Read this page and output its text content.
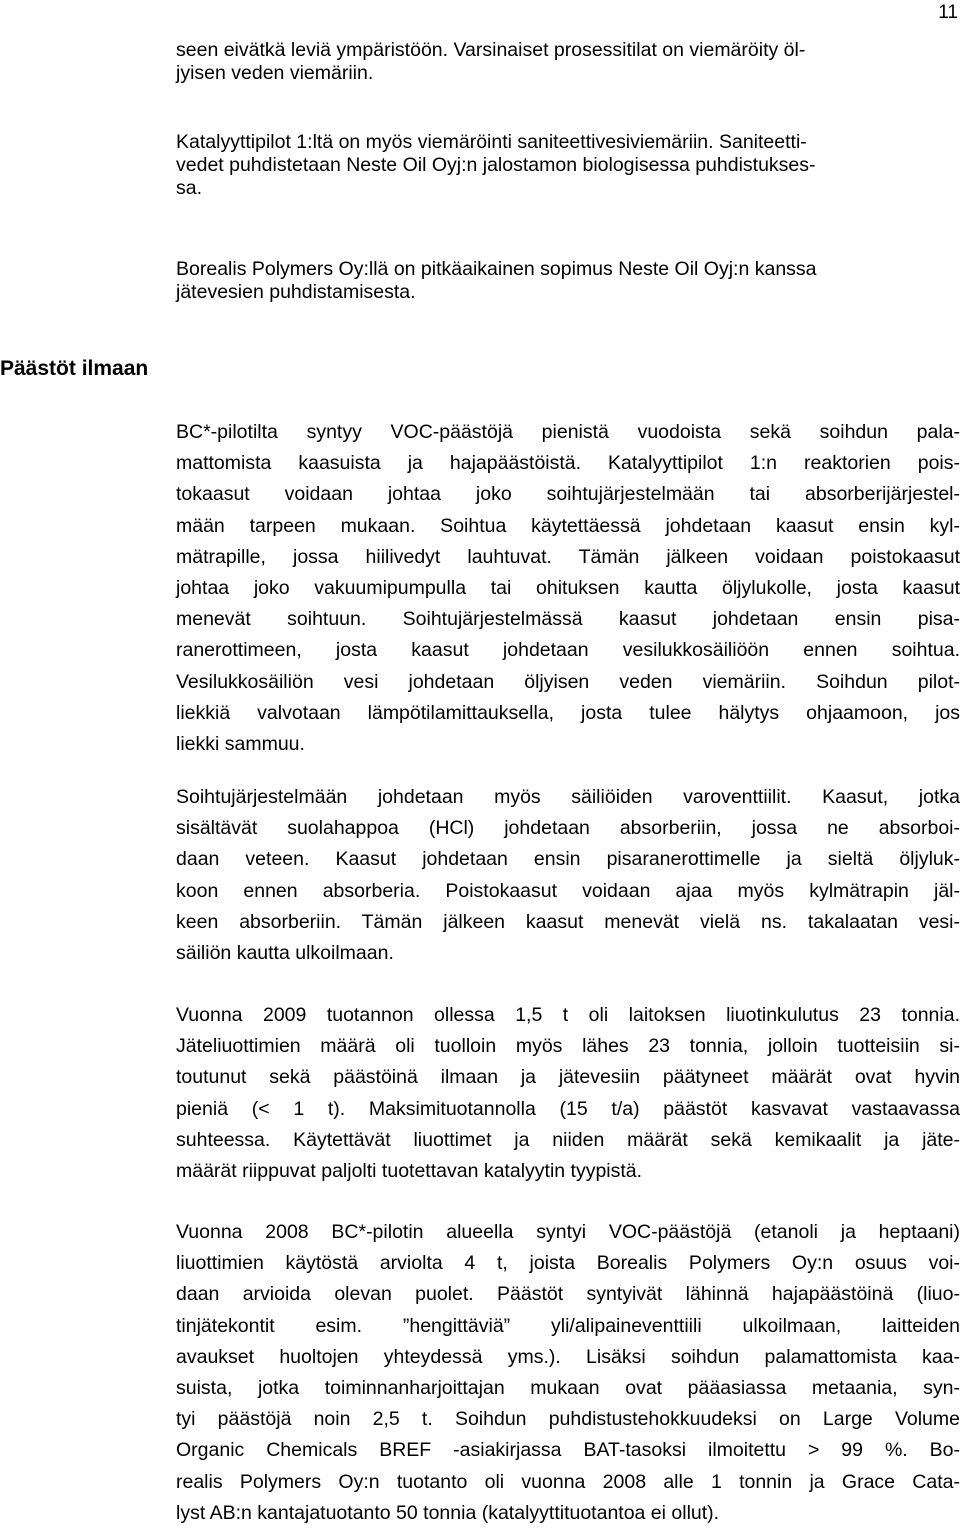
11
seen eivätkä leviä ympäristöön. Varsinaiset prosessitilat on viemäröity öl-
jyisen veden viemäriin.
Katalyyttipilot 1:ltä on myös viemäröinti saniteettivesiviemäriin. Saniteetti-
vedet puhdistetaan Neste Oil Oyj:n jalostamon biologisessa puhdistukses-
sa.
Borealis Polymers Oy:llä on pitkäaikainen sopimus Neste Oil Oyj:n kanssa
jätevesien puhdistamisesta.
Päästöt ilmaan
BC*-pilotilta syntyy VOC-päästöjä pienistä vuodoista sekä soihdun pala-
mattomista kaasuista ja hajapäästöistä. Katalyyttipilot 1:n reaktorien pois-
tokaasut voidaan johtaa joko soihtujärjestelmään tai absorberijärjestel-
mään tarpeen mukaan. Soihtua käytettäessä johdetaan kaasut ensin kyl-
mätrapille, jossa hiilivedyt lauhtuvat. Tämän jälkeen voidaan poistokaasut
johtaa joko vakuumipumpulla tai ohituksen kautta öljylukolle, josta kaasut
menevät soihtuun. Soihtujärjestelmässä kaasut johdetaan ensin pisa-
ranerottimeen, josta kaasut johdetaan vesilukkosäiliöön ennen soihtua.
Vesilukkosäiliön vesi johdetaan öljyisen veden viemäriin. Soihdun pilot-
liekkiä valvotaan lämpötilamittauksella, josta tulee hälytys ohjaamoon, jos
liekki sammuu.
Soihtujärjestelmään johdetaan myös säiliöiden varoventtiilit. Kaasut, jotka
sisältävät suolahappoa (HCl) johdetaan absorberiin, jossa ne absorboi-
daan veteen. Kaasut johdetaan ensin pisaranerottimelle ja sieltä öljyluk-
koon ennen absorberia. Poistokaasut voidaan ajaa myös kylmätrapin jäl-
keen absorberiin. Tämän jälkeen kaasut menevät vielä ns. takalaatan vesi-
säiliön kautta ulkoilmaan.
Vuonna 2009 tuotannon ollessa 1,5 t oli laitoksen liuotinkulutus 23 tonnia.
Jäteliuottimien määrä oli tuolloin myös lähes 23 tonnia, jolloin tuotteisiin si-
toutunut sekä päästöinä ilmaan ja jätevesiin päätyneet määrät ovat hyvin
pieniä (< 1 t). Maksimituotannolla (15 t/a) päästöt kasvavat vastaavassa
suhteessa. Käytettävät liuottimet ja niiden määrät sekä kemikaalit ja jäte-
määrät riippuvat paljolti tuotettavan katalyytin tyypistä.
Vuonna 2008 BC*-pilotin alueella syntyi VOC-päästöjä (etanoli ja heptaani)
liuottimien käytöstä arviolta 4 t, joista Borealis Polymers Oy:n osuus voi-
daan arvioida olevan puolet. Päästöt syntyivät lähinnä hajapäästöinä (liuo-
tinjätekontit esim. ”hengittäviä” yli/alipaineventtiili ulkoilmaan, laitteiden
avaukset huoltojen yhteydessä yms.). Lisäksi soihdun palamattomista kaa-
suista, jotka toiminnanharjoittajan mukaan ovat pääasiassa metaania, syn-
tyi päästöjä noin 2,5 t. Soihdun puhdistustehokkuudeksi on Large Volume
Organic Chemicals BREF -asiakirjassa BAT-tasoksi ilmoitettu > 99 %. Bo-
realis Polymers Oy:n tuotanto oli vuonna 2008 alle 1 tonnin ja Grace Cata-
lyst AB:n kantajatuotanto 50 tonnia (katalyyttituotantoa ei ollut).
